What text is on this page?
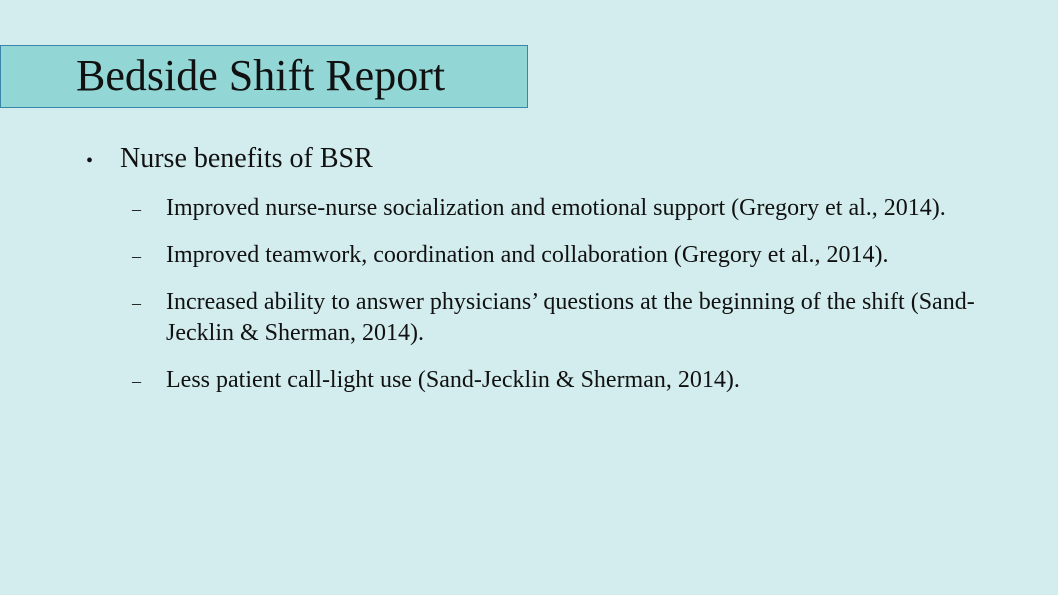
Bedside Shift Report
• Nurse benefits of BSR
– Improved nurse-nurse socialization and emotional support (Gregory et al., 2014).
– Improved teamwork, coordination and collaboration (Gregory et al., 2014).
– Increased ability to answer physicians’ questions at the beginning of the shift (Sand-Jecklin & Sherman, 2014).
– Less patient call-light use (Sand-Jecklin & Sherman, 2014).
